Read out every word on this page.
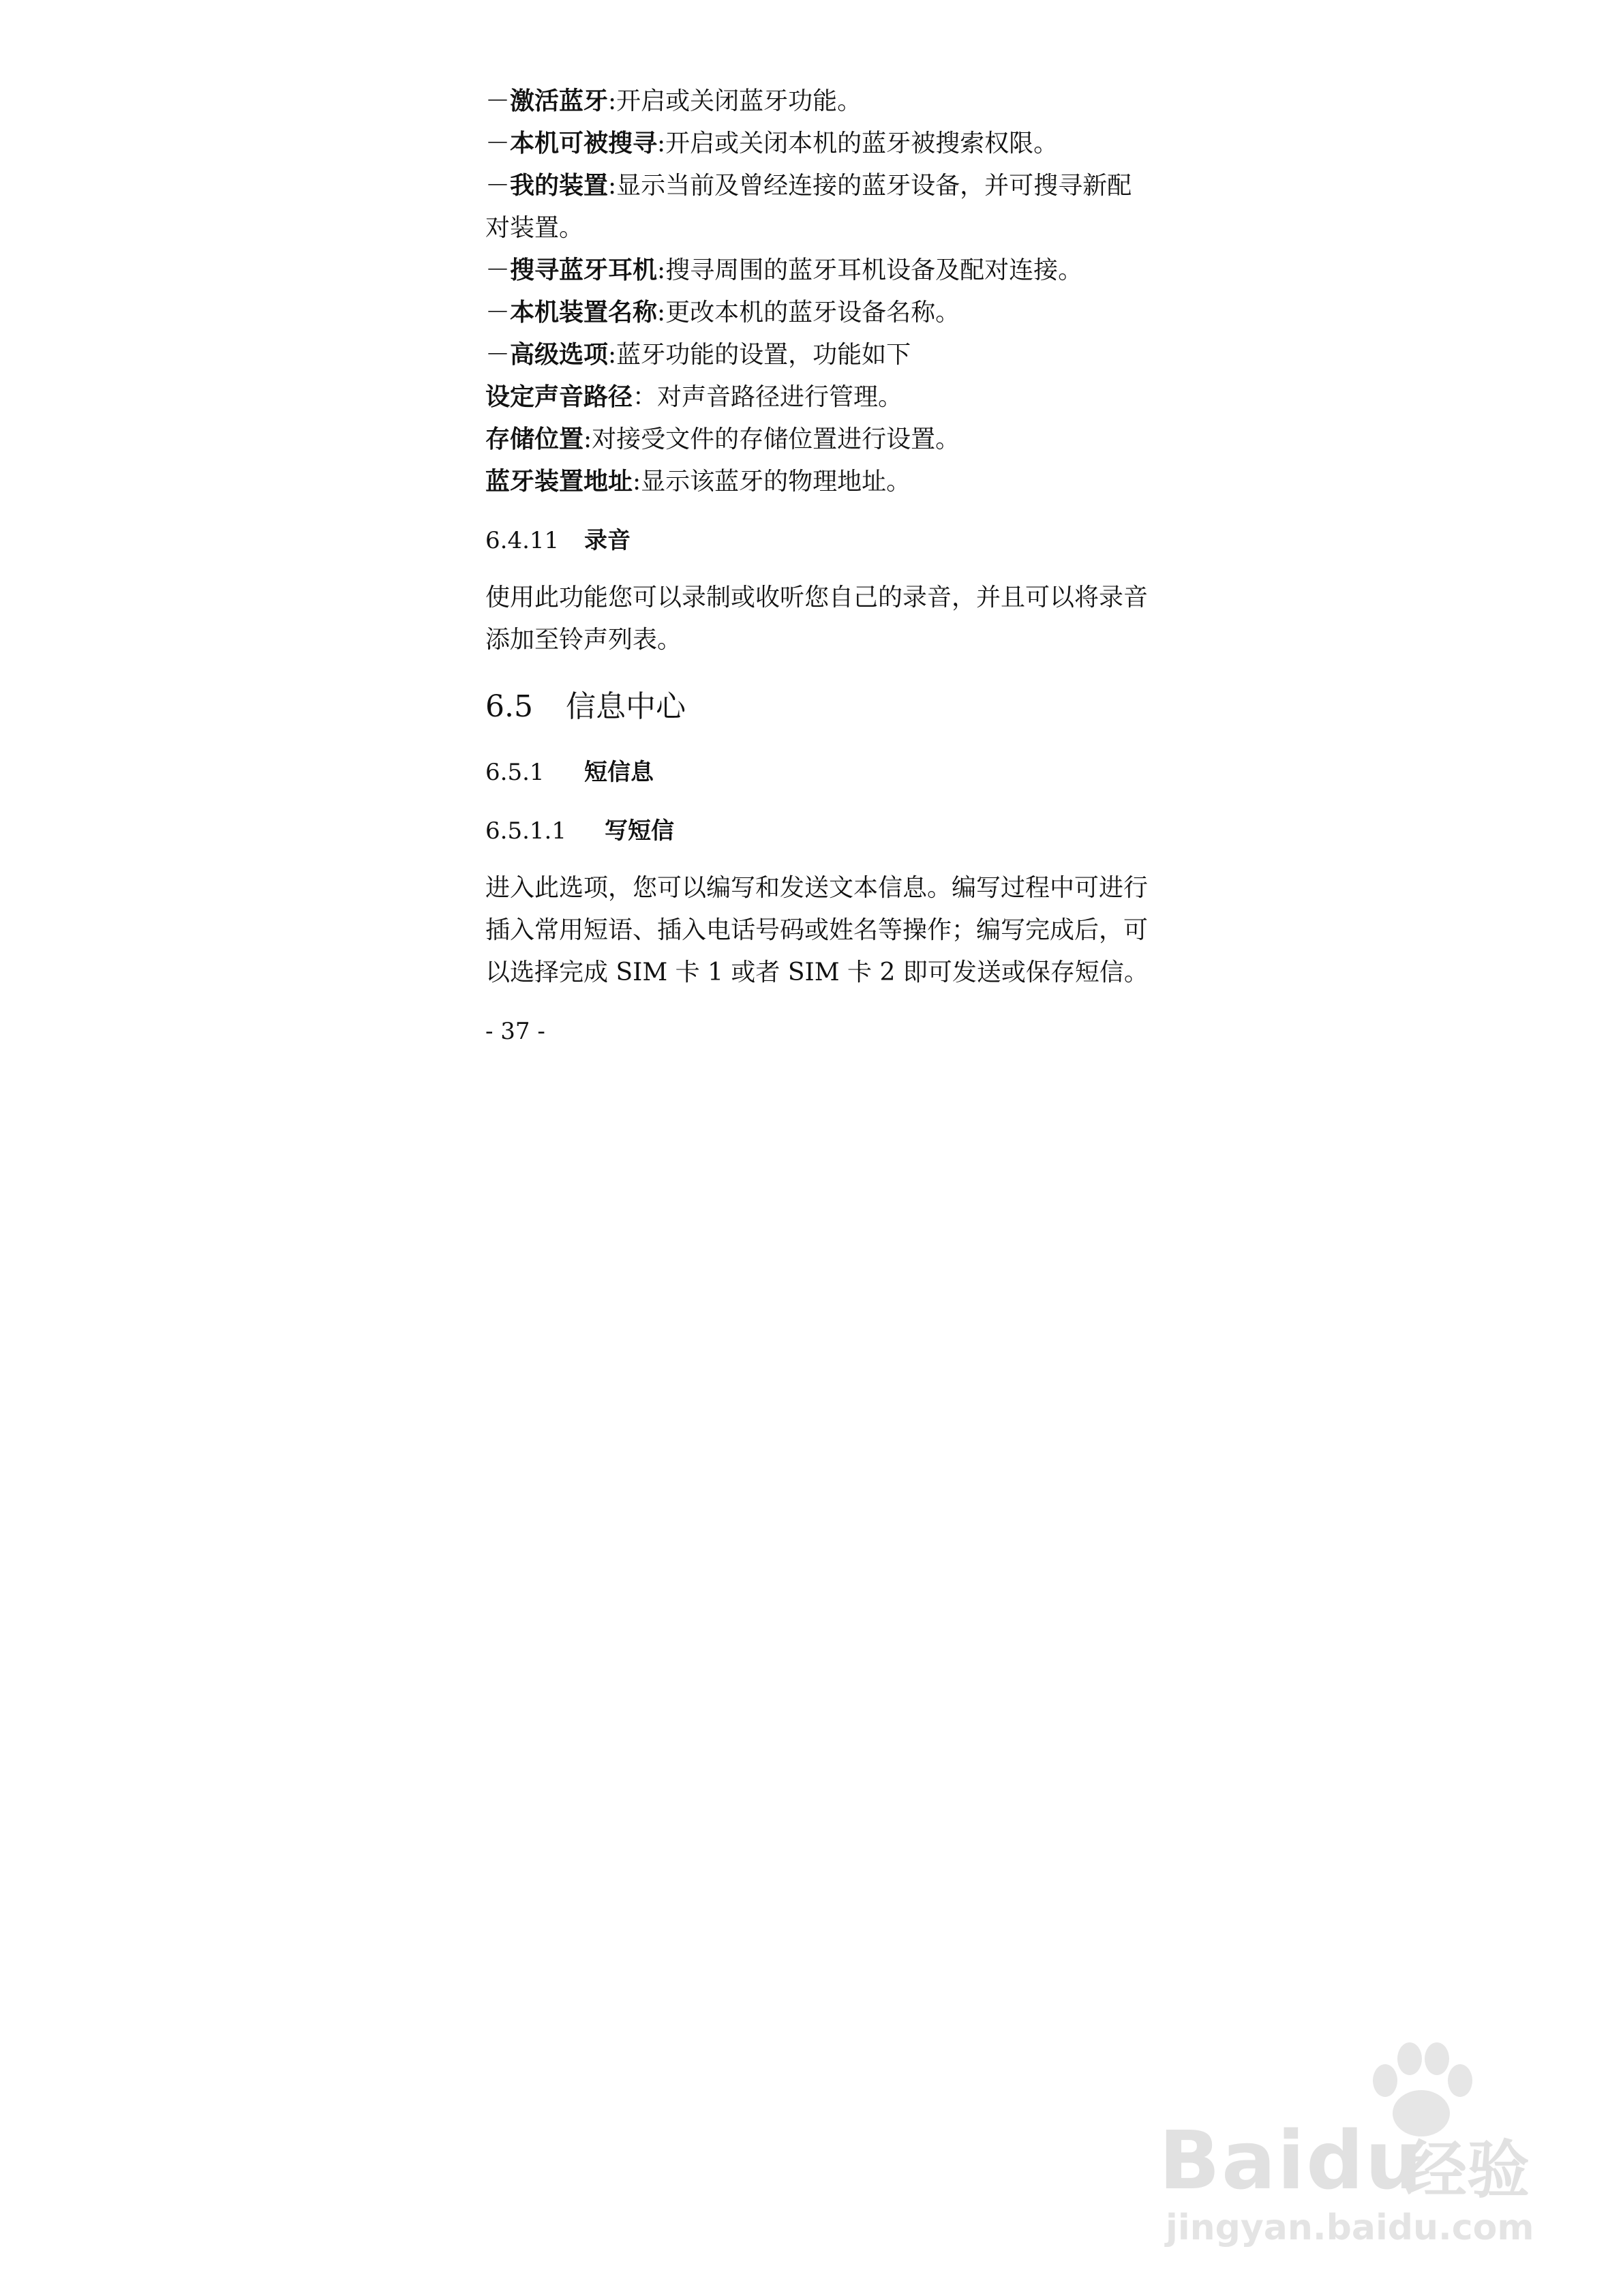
－激活蓝牙:开启或关闭蓝牙功能。
－本机可被搜寻:开启或关闭本机的蓝牙被搜索权限。
－我的装置:显示当前及曾经连接的蓝牙设备，并可搜寻新配
对装置。
－搜寻蓝牙耳机:搜寻周围的蓝牙耳机设备及配对连接。
－本机装置名称:更改本机的蓝牙设备名称。
－高级选项:蓝牙功能的设置，功能如下
设定声音路径：对声音路径进行管理。
存储位置:对接受文件的存储位置进行设置。
蓝牙装置地址:显示该蓝牙的物理地址。
6.4.11 录音

使用此功能您可以录制或收听您自己的录音，并且可以将录音

添加至铃声列表。

6.5 信息中心
6.5.1 短信息
6.5.1.1 写短信

进入此选项，您可以编写和发送文本信息。编写过程中可进行

插入常用短语、插入电话号码或姓名等操作；编写完成后，可

以选择完成 SIM 卡 1 或者 SIM 卡 2 即可发送或保存短信。

- 37 -
Baidu
经验
jingyan.baidu.com
